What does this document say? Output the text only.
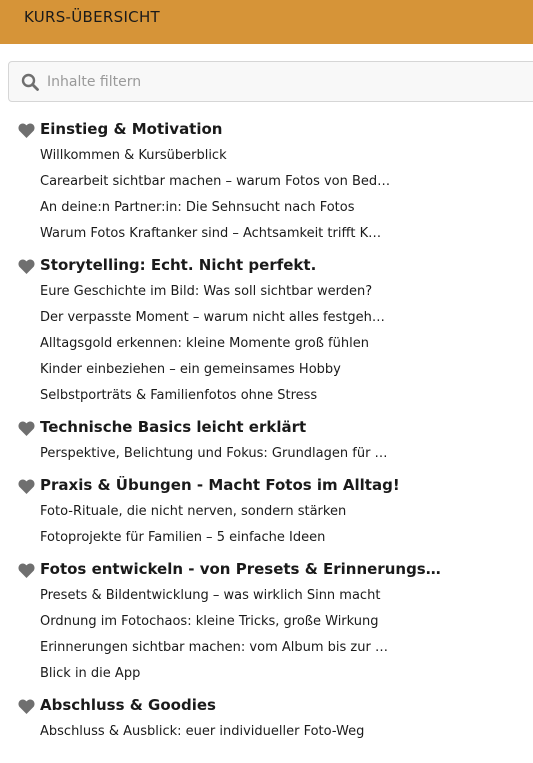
KURS-ÜBERSICHT
Inhalte filtern
Einstieg & Motivation
Willkommen & Kursüberblick
Carearbeit sichtbar machen – warum Fotos von Bed…
An deine:n Partner:in: Die Sehnsucht nach Fotos
Warum Fotos Kraftanker sind – Achtsamkeit trifft K…
Storytelling: Echt. Nicht perfekt.
Eure Geschichte im Bild: Was soll sichtbar werden?
Der verpasste Moment – warum nicht alles festgeh…
Alltagsgold erkennen: kleine Momente groß fühlen
Kinder einbeziehen – ein gemeinsames Hobby
Selbstporträts & Familienfotos ohne Stress
Technische Basics leicht erklärt
Perspektive, Belichtung und Fokus: Grundlagen für …
Praxis & Übungen - Macht Fotos im Alltag!
Foto-Rituale, die nicht nerven, sondern stärken
Fotoprojekte für Familien – 5 einfache Ideen
Fotos entwickeln - von Presets & Erinnerungs…
Presets & Bildentwicklung – was wirklich Sinn macht
Ordnung im Fotochaos: kleine Tricks, große Wirkung
Erinnerungen sichtbar machen: vom Album bis zur …
Blick in die App
Abschluss & Goodies
Abschluss & Ausblick: euer individueller Foto-Weg
